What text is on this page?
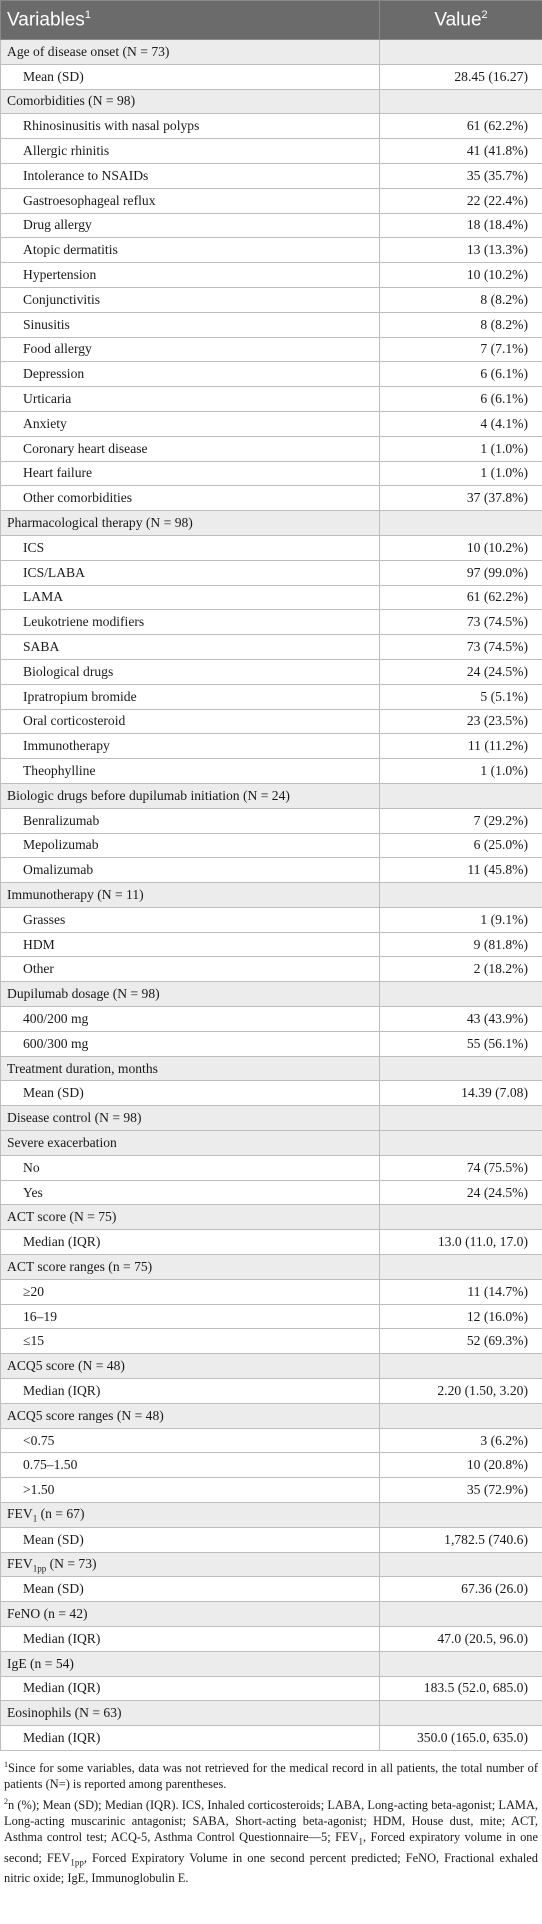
Variables$^1$	Value$^2$
Age of disease onset (N = 73)	
Mean (SD)	28.45 (16.27)
Comorbidities (N = 98)	
Rhinosinusitis with nasal polyps	61 (62.2%)
Allergic rhinitis	41 (41.8%)
Intolerance to NSAIDs	35 (35.7%)
Gastroesophageal reflux	22 (22.4%)
Drug allergy	18 (18.4%)
Atopic dermatitis	13 (13.3%)
Hypertension	10 (10.2%)
Conjunctivitis	8 (8.2%)
Sinusitis	8 (8.2%)
Food allergy	7 (7.1%)
Depression	6 (6.1%)
Urticaria	6 (6.1%)
Anxiety	4 (4.1%)
Coronary heart disease	1 (1.0%)
Heart failure	1 (1.0%)
Other comorbidities	37 (37.8%)
Pharmacological therapy (N = 98)	
ICS	10 (10.2%)
ICS/LABA	97 (99.0%)
LAMA	61 (62.2%)
Leukotriene modifiers	73 (74.5%)
SABA	73 (74.5%)
Biological drugs	24 (24.5%)
Ipratropium bromide	5 (5.1%)
Oral corticosteroid	23 (23.5%)
Immunotherapy	11 (11.2%)
Theophylline	1 (1.0%)
Biologic drugs before dupilumab initiation (N = 24)	
Benralizumab	7 (29.2%)
Mepolizumab	6 (25.0%)
Omalizumab	11 (45.8%)
Immunotherapy (N = 11)	
Grasses	1 (9.1%)
HDM	9 (81.8%)
Other	2 (18.2%)
Dupilumab dosage (N = 98)	
400/200 mg	43 (43.9%)
600/300 mg	55 (56.1%)
Treatment duration, months	
Mean (SD)	14.39 (7.08)
Disease control (N = 98)	
Severe exacerbation	
No	74 (75.5%)
Yes	24 (24.5%)
ACT score (N = 75)	
Median (IQR)	13.0 (11.0, 17.0)
ACT score ranges (n = 75)	
≥20	11 (14.7%)
16–19	12 (16.0%)
≤15	52 (69.3%)
ACQ5 score (N = 48)	
Median (IQR)	2.20 (1.50, 3.20)
ACQ5 score ranges (N = 48)	
<0.75	3 (6.2%)
0.75–1.50	10 (20.8%)
>1.50	35 (72.9%)
$FEV_1$ (n = 67)	
Mean (SD)	1,782.5 (740.6)
$FEV_{1pp}$ (N = 73)	
Mean (SD)	67.36 (26.0)
FeNO (n = 42)	
Median (IQR)	47.0 (20.5, 96.0)
IgE (n = 54)	
Median (IQR)	183.5 (52.0, 685.0)
Eosinophils (N = 63)	
Median (IQR)	350.0 (165.0, 635.0)

$^1$Since for some variables, data was not retrieved for the medical record in all patients, the total number of patients (N=) is reported among parentheses.

$^2$n (%); Mean (SD); Median (IQR). ICS, Inhaled corticosteroids; LABA, Long-acting beta-agonist; LAMA, Long-acting muscarinic antagonist; SABA, Short-acting beta-agonist; HDM, House dust, mite; ACT, Asthma control test; ACQ-5, Asthma Control Questionnaire—5; $FEV_1$, Forced expiratory volume in one second; $FEV_{1pp}$, Forced Expiratory Volume in one second percent predicted; FeNO, Fractional exhaled nitric oxide; IgE, Immunoglobulin E.
